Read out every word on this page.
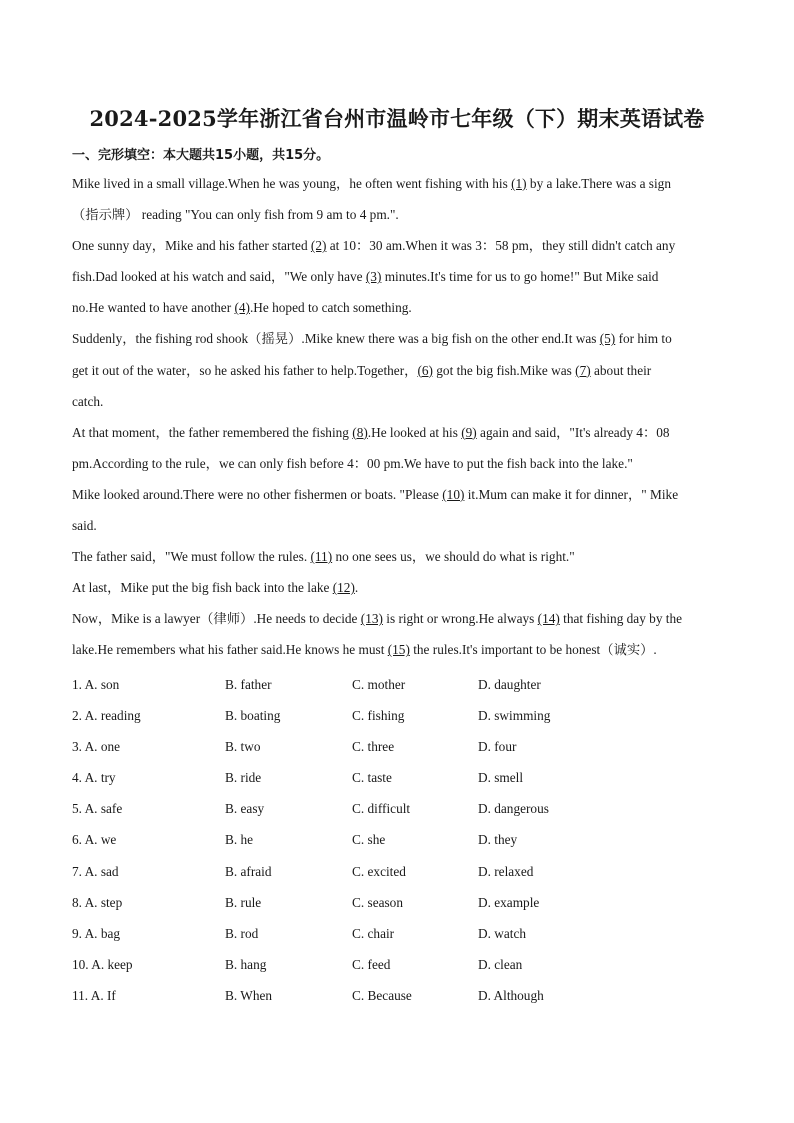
2024-2025学年浙江省台州市温岭市七年级（下）期末英语试卷
一、完形填空：本大题共15小题，共15分。
Mike lived in a small village.When he was young，he often went fishing with his (1) by a lake.There was a sign
（指示牌） reading "You can only fish from 9 am to 4 pm.".
One sunny day，Mike and his father started (2) at 10：30 am.When it was 3：58 pm，they still didn't catch any
fish.Dad looked at his watch and said，"We only have (3) minutes.It's time for us to go home!" But Mike said
no.He wanted to have another (4).He hoped to catch something.
Suddenly，the fishing rod shook（摇晃）.Mike knew there was a big fish on the other end.It was (5) for him to
get it out of the water，so he asked his father to help.Together，(6) got the big fish.Mike was (7) about their
catch.
At that moment，the father remembered the fishing (8).He looked at his (9) again and said，"It's already 4：08
pm.According to the rule，we can only fish before 4：00 pm.We have to put the fish back into the lake."
Mike looked around.There were no other fishermen or boats. "Please (10) it.Mum can make it for dinner，" Mike
said.
The father said，"We must follow the rules. (11) no one sees us，we should do what is right."
At last，Mike put the big fish back into the lake (12).
Now，Mike is a lawyer（律师）.He needs to decide (13) is right or wrong.He always (14) that fishing day by the
lake.He remembers what his father said.He knows he must (15) the rules.It's important to be honest（诚实）.
1. A. son	B. father	C. mother	D. daughter
2. A. reading	B. boating	C. fishing	D. swimming
3. A. one	B. two	C. three	D. four
4. A. try	B. ride	C. taste	D. smell
5. A. safe	B. easy	C. difficult	D. dangerous
6. A. we	B. he	C. she	D. they
7. A. sad	B. afraid	C. excited	D. relaxed
8. A. step	B. rule	C. season	D. example
9. A. bag	B. rod	C. chair	D. watch
10. A. keep	B. hang	C. feed	D. clean
11. A. If	B. When	C. Because	D. Although
